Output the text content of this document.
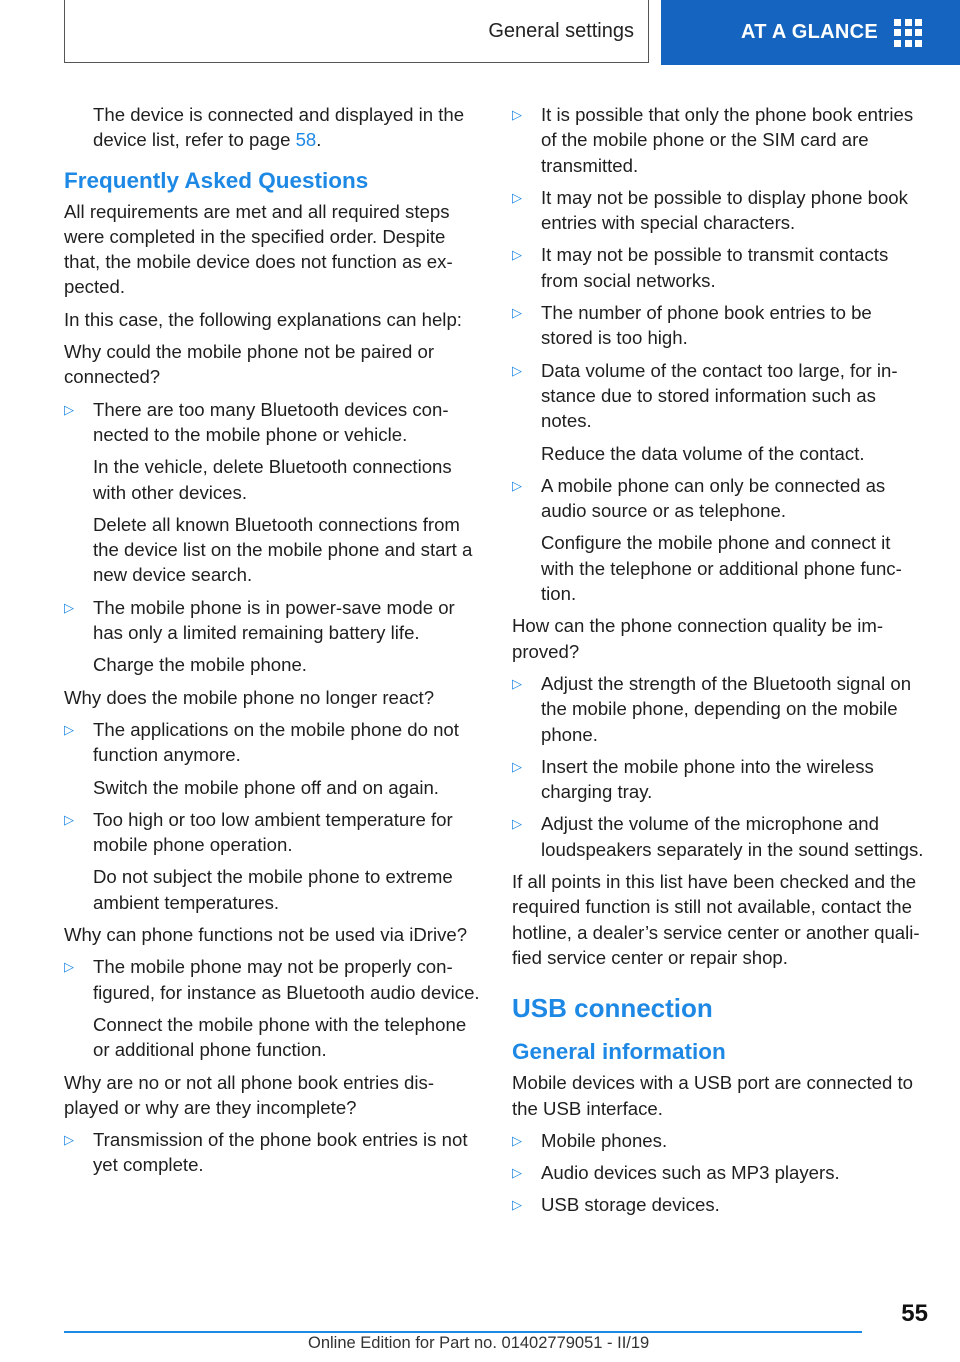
General settings	AT A GLANCE

The device is connected and displayed in the device list, refer to page 58.

Frequently Asked Questions

All requirements are met and all required steps were completed in the specified order. Despite that, the mobile device does not function as expected.

In this case, the following explanations can help:

Why could the mobile phone not be paired or connected?

▷ There are too many Bluetooth devices connected to the mobile phone or vehicle.
In the vehicle, delete Bluetooth connections with other devices.
Delete all known Bluetooth connections from the device list on the mobile phone and start a new device search.
▷ The mobile phone is in power-save mode or has only a limited remaining battery life.
Charge the mobile phone.

Why does the mobile phone no longer react?

▷ The applications on the mobile phone do not function anymore.
Switch the mobile phone off and on again.
▷ Too high or too low ambient temperature for mobile phone operation.
Do not subject the mobile phone to extreme ambient temperatures.

Why can phone functions not be used via iDrive?

▷ The mobile phone may not be properly configured, for instance as Bluetooth audio device.
Connect the mobile phone with the telephone or additional phone function.

Why are no or not all phone book entries displayed or why are they incomplete?

▷ Transmission of the phone book entries is not yet complete.
▷ It is possible that only the phone book entries of the mobile phone or the SIM card are transmitted.
▷ It may not be possible to display phone book entries with special characters.
▷ It may not be possible to transmit contacts from social networks.
▷ The number of phone book entries to be stored is too high.
▷ Data volume of the contact too large, for instance due to stored information such as notes.
Reduce the data volume of the contact.
▷ A mobile phone can only be connected as audio source or as telephone.
Configure the mobile phone and connect it with the telephone or additional phone function.

How can the phone connection quality be improved?

▷ Adjust the strength of the Bluetooth signal on the mobile phone, depending on the mobile phone.
▷ Insert the mobile phone into the wireless charging tray.
▷ Adjust the volume of the microphone and loudspeakers separately in the sound settings.

If all points in this list have been checked and the required function is still not available, contact the hotline, a dealer’s service center or another qualified service center or repair shop.

USB connection
General information

Mobile devices with a USB port are connected to the USB interface.

▷ Mobile phones.
▷ Audio devices such as MP3 players.
▷ USB storage devices.
55
Online Edition for Part no. 01402779051 - II/19
